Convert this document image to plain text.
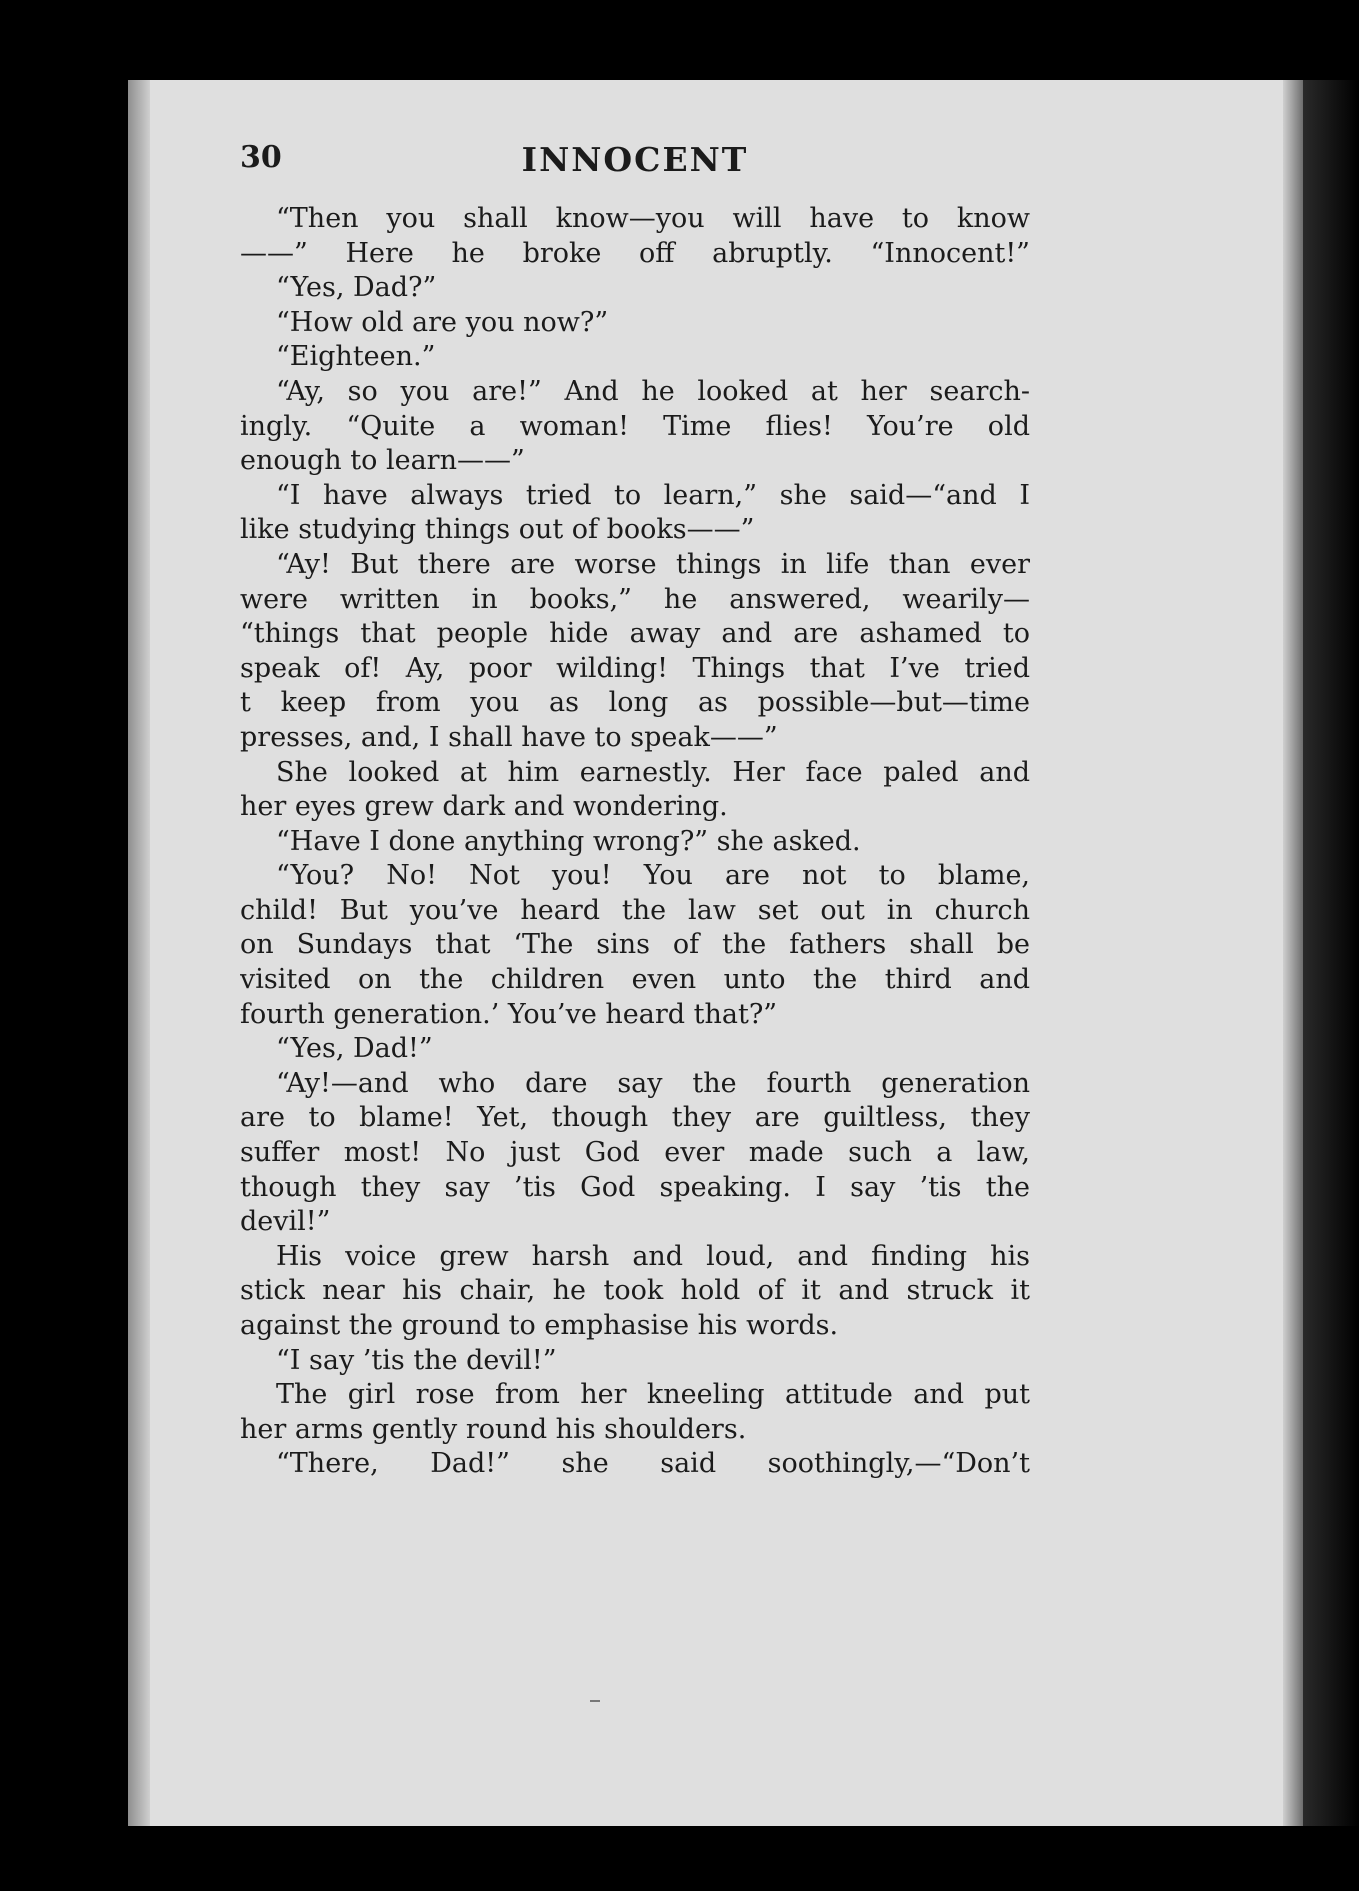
30	INNOCENT
“Then you shall know—you will have to know
——” Here he broke off abruptly. “Innocent!”
“Yes, Dad?”
“How old are you now?”
“Eighteen.”
“Ay, so you are!” And he looked at her search-
ingly. “Quite a woman! Time flies! You’re old
enough to learn——”
“I have always tried to learn,” she said—“and I
like studying things out of books——”
“Ay! But there are worse things in life than ever
were written in books,” he answered, wearily—
“things that people hide away and are ashamed to
speak of! Ay, poor wilding! Things that I’ve tried
t keep from you as long as possible—but—time
presses, and, I shall have to speak——”
She looked at him earnestly. Her face paled and
her eyes grew dark and wondering.
“Have I done anything wrong?” she asked.
“You? No! Not you! You are not to blame,
child! But you’ve heard the law set out in church
on Sundays that ‘The sins of the fathers shall be
visited on the children even unto the third and
fourth generation.’ You’ve heard that?”
“Yes, Dad!”
“Ay!—and who dare say the fourth generation
are to blame! Yet, though they are guiltless, they
suffer most! No just God ever made such a law,
though they say ’tis God speaking. I say ’tis the
devil!”
His voice grew harsh and loud, and finding his
stick near his chair, he took hold of it and struck it
against the ground to emphasise his words.
“I say ’tis the devil!”
The girl rose from her kneeling attitude and put
her arms gently round his shoulders.
“There, Dad!” she said soothingly,—“Don’t
